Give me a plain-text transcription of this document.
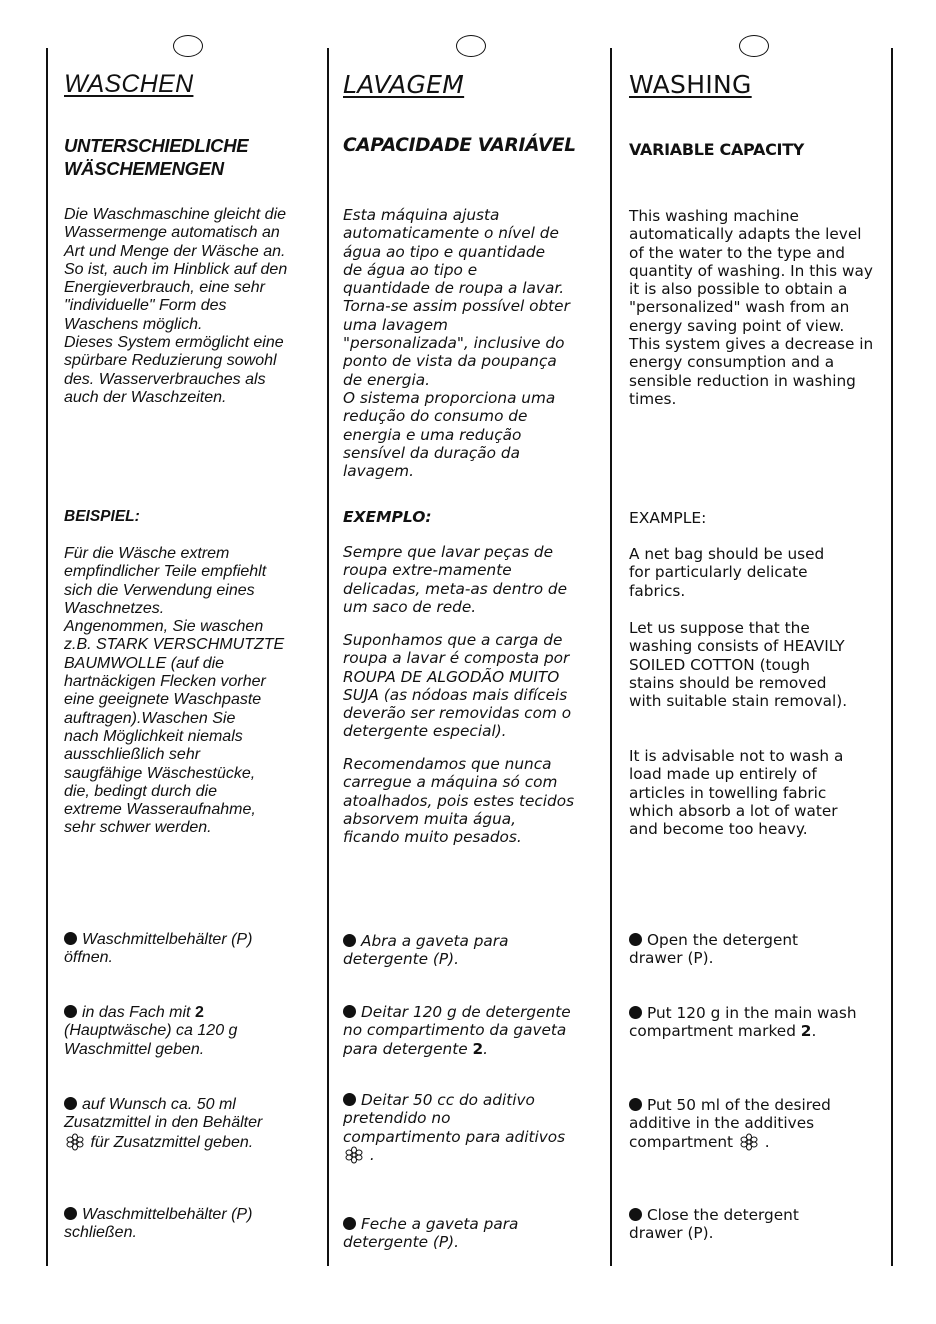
WASCHEN
UNTERSCHIEDLICHE
WÄSCHEMENGEN
Die Waschmaschine gleicht die
Wassermenge automatisch an
Art und Menge der Wäsche an.
So ist, auch im Hinblick auf den
Energieverbrauch, eine sehr
"individuelle" Form des
Waschens möglich.
Dieses System ermöglicht eine
spürbare Reduzierung sowohl
des. Wasserverbrauches als
auch der Waschzeiten.
BEISPIEL:
Für die Wäsche extrem
empfindlicher Teile empfiehlt
sich die Verwendung eines
Waschnetzes.
Angenommen, Sie waschen
z.B. STARK VERSCHMUTZTE
BAUMWOLLE (auf die
hartnäckigen Flecken vorher
eine geeignete Waschpaste
auftragen).Waschen Sie
nach Möglichkeit niemals
ausschließlich sehr
saugfähige Wäschestücke,
die, bedingt durch die
extreme Wasseraufnahme,
sehr schwer werden.
Waschmittelbehälter (P)
öffnen.
in das Fach mit 2
(Hauptwäsche) ca 120 g
Waschmittel geben.
auf Wunsch ca. 50 ml
Zusatzmittel in den Behälter
für Zusatzmittel geben.
Waschmittelbehälter (P)
schließen.
LAVAGEM
CAPACIDADE VARIÁVEL
Esta máquina ajusta
automaticamente o nível de
água ao tipo e quantidade
de água ao tipo e
quantidade de roupa a lavar.
Torna-se assim possível obter
uma lavagem
"personalizada", inclusive do
ponto de vista da poupança
de energia.
O sistema proporciona uma
redução do consumo de
energia e uma redução
sensível da duração da
lavagem.
EXEMPLO:
Sempre que lavar peças de
roupa extre-mamente
delicadas, meta-as dentro de
um saco de rede.
Suponhamos que a carga de
roupa a lavar é composta por
ROUPA DE ALGODÃO MUITO
SUJA (as nódoas mais difíceis
deverão ser removidas com o
detergente especial).
Recomendamos que nunca
carregue a máquina só com
atoalhados, pois estes tecidos
absorvem muita água,
ficando muito pesados.
Abra a gaveta para
detergente (P).
Deitar 120 g de detergente
no compartimento da gaveta
para detergente 2.
Deitar 50 cc do aditivo
pretendido no
compartimento para aditivos
.
Feche a gaveta para
detergente (P).
WASHING
VARIABLE CAPACITY
This washing machine
automatically adapts the level
of the water to the type and
quantity of washing. In this way
it is also possible to obtain a
"personalized" wash from an
energy saving point of view.
This system gives a decrease in
energy consumption and a
sensible reduction in washing
times.
EXAMPLE:
A net bag should be used
for particularly delicate
fabrics.
Let us suppose that the
washing consists of HEAVILY
SOILED COTTON (tough
stains should be removed
with suitable stain removal).
It is advisable not to wash a
load made up entirely of
articles in towelling fabric
which absorb a lot of water
and become too heavy.
Open the detergent
drawer (P).
Put 120 g in the main wash
compartment marked 2.
Put 50 ml of the desired
additive in the additives
compartment  .
Close the detergent
drawer (P).
